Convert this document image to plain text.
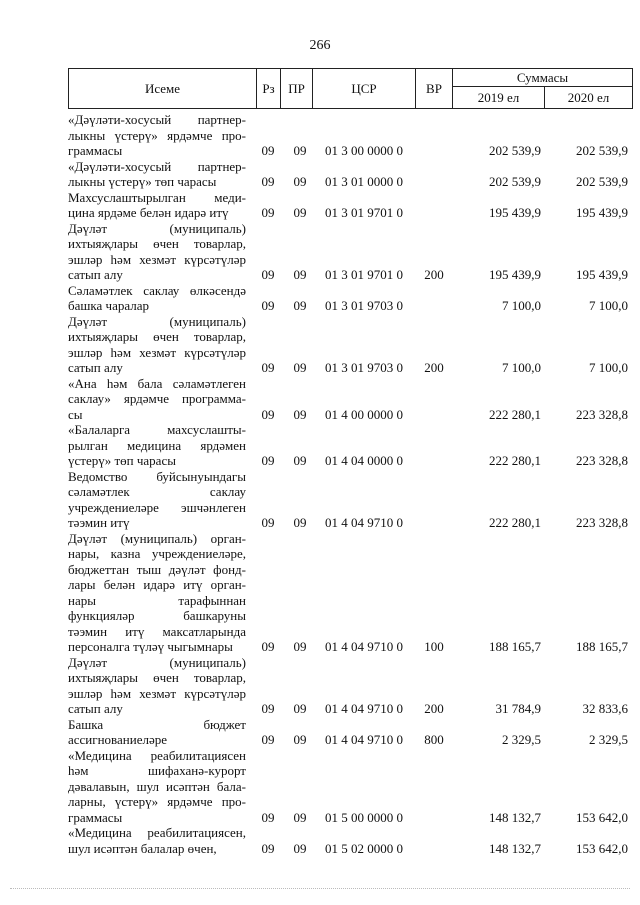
266
Исеме	Рз	ПР	ЦСР	ВР
Суммасы
2019 ел	2020 ел
«Дәүләти-хосусый партнер-
лыкны үстерү» ярдәмче про-
граммасы	09 09	01 3 00 0000 0	202 539,9	202 539,9
«Дәүләти-хосусый партнер-
лыкны үстерү» төп чарасы	09 09	01 3 01 0000 0	202 539,9	202 539,9
Махсуслаштырылган меди-
цина ярдәме белән идарә итү	09 09	01 3 01 9701 0	195 439,9	195 439,9
Дәүләт (муниципаль)
ихтыяҗлары өчен товарлар,
эшләр һәм хезмәт күрсәтүләр
сатып алу	09 09	01 3 01 9701 0	200	195 439,9	195 439,9
Сәламәтлек саклау өлкәсендә
башка чаралар	09 09	01 3 01 9703 0	7 100,0	7 100,0
Дәүләт (муниципаль)
ихтыяҗлары өчен товарлар,
эшләр һәм хезмәт күрсәтүләр
сатып алу	09 09	01 3 01 9703 0	200	7 100,0	7 100,0
«Ана һәм бала сәламәтлеген
саклау» ярдәмче программа-
сы	09 09	01 4 00 0000 0	222 280,1	223 328,8
«Балаларга махсуслашты-
рылган медицина ярдәмен
үстерү» төп чарасы	09 09	01 4 04 0000 0	222 280,1	223 328,8
Ведомство буйсынуындагы
сәламәтлек саклау
учреждениеләре эшчәнлеген
тәэмин итү	09 09	01 4 04 9710 0	222 280,1	223 328,8
Дәүләт (муниципаль) орган-
нары, казна учреждениеләре,
бюджеттан тыш дәүләт фонд-
лары белән идарә итү орган-
нары тарафыннан
функцияләр башкаруны
тәэмин итү максатларында
персоналга түләү чыгымнары	09 09	01 4 04 9710 0	100	188 165,7	188 165,7
Дәүләт (муниципаль)
ихтыяҗлары өчен товарлар,
эшләр һәм хезмәт күрсәтүләр
сатып алу	09 09	01 4 04 9710 0	200	31 784,9	32 833,6
Башка бюджет
ассигнованиеләре	09 09	01 4 04 9710 0	800	2 329,5	2 329,5
«Медицина реабилитациясен
һәм шифаханә-курорт
дәвалавын, шул исәптән бала-
ларны, үстерү» ярдәмче про-
граммасы	09 09	01 5 00 0000 0	148 132,7	153 642,0
«Медицина реабилитациясен,
шул исәптән балалар өчен,	09 09	01 5 02 0000 0	148 132,7	153 642,0
